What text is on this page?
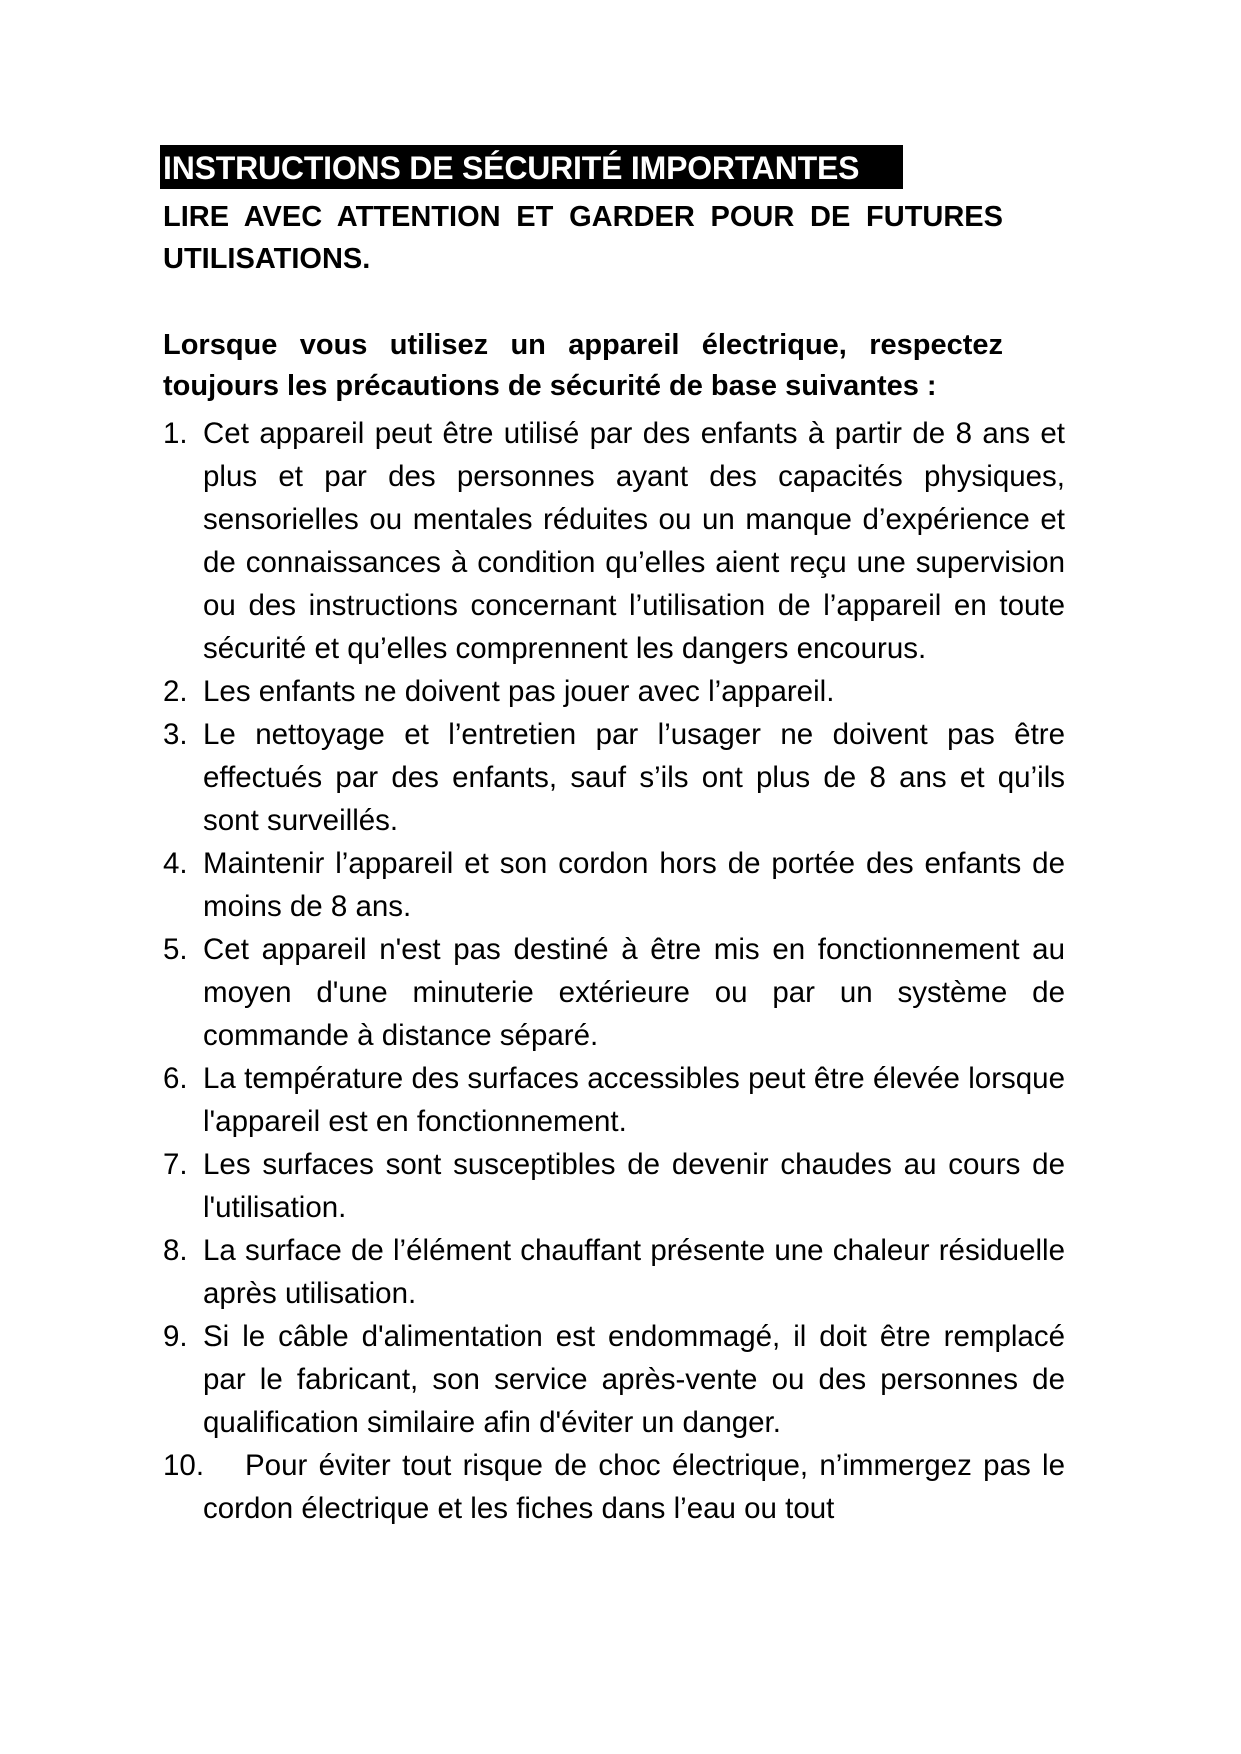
INSTRUCTIONS DE SÉCURITÉ IMPORTANTES
LIRE AVEC ATTENTION ET GARDER POUR DE FUTURES UTILISATIONS.
Lorsque vous utilisez un appareil électrique, respectez toujours les précautions de sécurité de base suivantes :
1. Cet appareil peut être utilisé par des enfants à partir de 8 ans et plus et par des personnes ayant des capacités physiques, sensorielles ou mentales réduites ou un manque d’expérience et de connaissances à condition qu’elles aient reçu une supervision ou des instructions concernant l’utilisation de l’appareil en toute sécurité et qu’elles comprennent les dangers encourus.
2. Les enfants ne doivent pas jouer avec l’appareil.
3. Le nettoyage et l’entretien par l’usager ne doivent pas être effectués par des enfants, sauf s’ils ont plus de 8 ans et qu’ils sont surveillés.
4. Maintenir l’appareil et son cordon hors de portée des enfants de moins de 8 ans.
5. Cet appareil n'est pas destiné à être mis en fonctionnement au moyen d'une minuterie extérieure ou par un système de commande à distance séparé.
6. La température des surfaces accessibles peut être élevée lorsque l'appareil est en fonctionnement.
7. Les surfaces sont susceptibles de devenir chaudes au cours de l'utilisation.
8. La surface de l’élément chauffant présente une chaleur résiduelle après utilisation.
9. Si le câble d'alimentation est endommagé, il doit être remplacé par le fabricant, son service après-vente ou des personnes de qualification similaire afin d'éviter un danger.
10. Pour éviter tout risque de choc électrique, n’immergez pas le cordon électrique et les fiches dans l’eau ou tout
